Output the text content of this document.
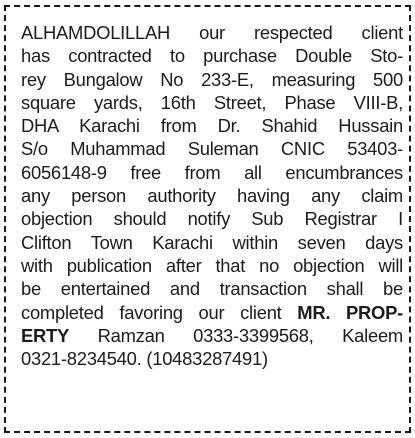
ALHAMDOLILLAH our respected client
has contracted to purchase Double Sto-
rey Bungalow No 233-E, measuring 500
square yards, 16th Street, Phase VIII-B,
DHA Karachi from Dr. Shahid Hussain
S/o Muhammad Suleman CNIC 53403-
6056148-9 free from all encumbrances
any person authority having any claim
objection should notify Sub Registrar I
Clifton Town Karachi within seven days
with publication after that no objection will
be entertained and transaction shall be
completed favoring our client MR. PROP-
ERTY Ramzan 0333-3399568, Kaleem
0321-8234540. (10483287491)
